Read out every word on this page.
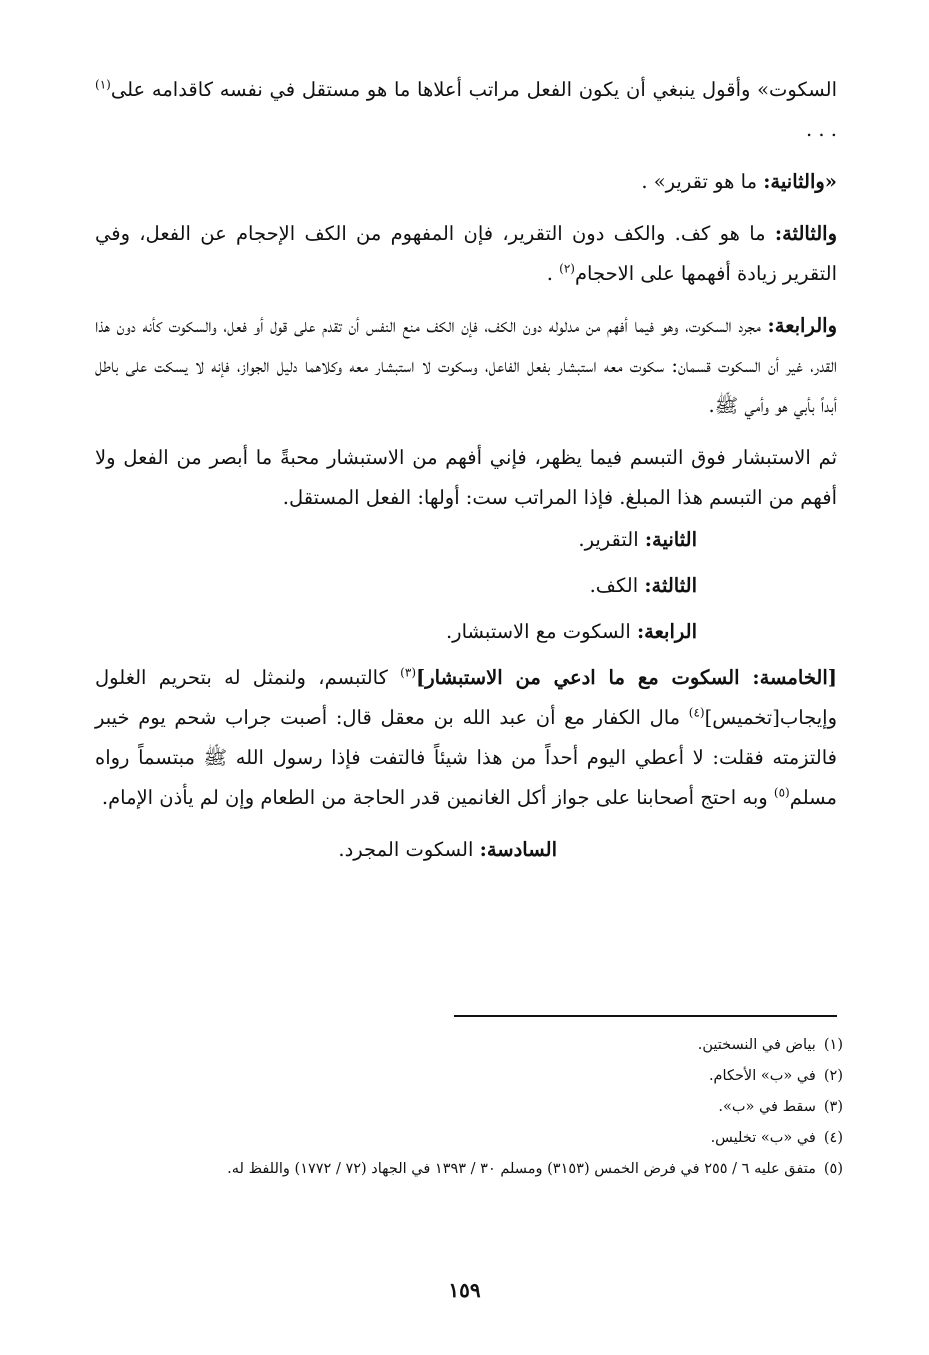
السكوت» وأقول ينبغي أن يكون الفعل مراتب أعلاها ما هو مستقل في نفسه كاقدامه على$^{(١)}$ . . .

«والثانية: ما هو تقرير» .

والثالثة: ما هو كف. والكف دون التقرير، فإن المفهوم من الكف الإحجام عن الفعل، وفي التقرير زيادة أفهمها على الاحجام$^{(٢)}$ .

والرابعة: مجرد السكوت، وهو فيما أفهم من مدلوله دون الكف، فإن الكف منع النفس أن تقدم على قول أو فعل، والسكوت كأنه دون هذا القدر، غير أن السكوت قسمان: سكوت معه استبشار بفعل الفاعل، وسكوت لا استبشار معه وكلاهما دليل الجواز، فإنه لا يسكت على باطل أبداً بأبي هو وأمي ﷺ.

ثم الاستبشار فوق التبسم فيما يظهر، فإني أفهم من الاستبشار محبةً ما أبصر من الفعل ولا أفهم من التبسم هذا المبلغ. فإذا المراتب ست: أولها: الفعل المستقل.

الثانية: التقرير.

الثالثة: الكف.

الرابعة: السكوت مع الاستبشار.

[الخامسة: السكوت مع ما ادعي من الاستبشار]$^{(٣)}$ كالتبسم، ولنمثل له بتحريم الغلول وإيجاب[تخميس]$^{(٤)}$ مال الكفار مع أن عبد الله بن معقل قال: أصبت جراب شحم يوم خيبر فالتزمته فقلت: لا أعطي اليوم أحداً من هذا شيئاً فالتفت فإذا رسول الله ﷺ مبتسماً رواه مسلم$^{(٥)}$ وبه احتج أصحابنا على جواز أكل الغانمين قدر الحاجة من الطعام وإن لم يأذن الإمام.

السادسة: السكوت المجرد.

(١)بياض في النسختين.

(٢)في «ب» الأحكام.

(٣)سقط في «ب».

(٤)في «ب» تخليس.

(٥)متفق عليه ٦ / ٢٥٥ في فرض الخمس (٣١٥٣) ومسلم ٣٠ / ١٣٩٣ في الجهاد (٧٢ / ١٧٧٢) واللفظ له.

١٥٩
